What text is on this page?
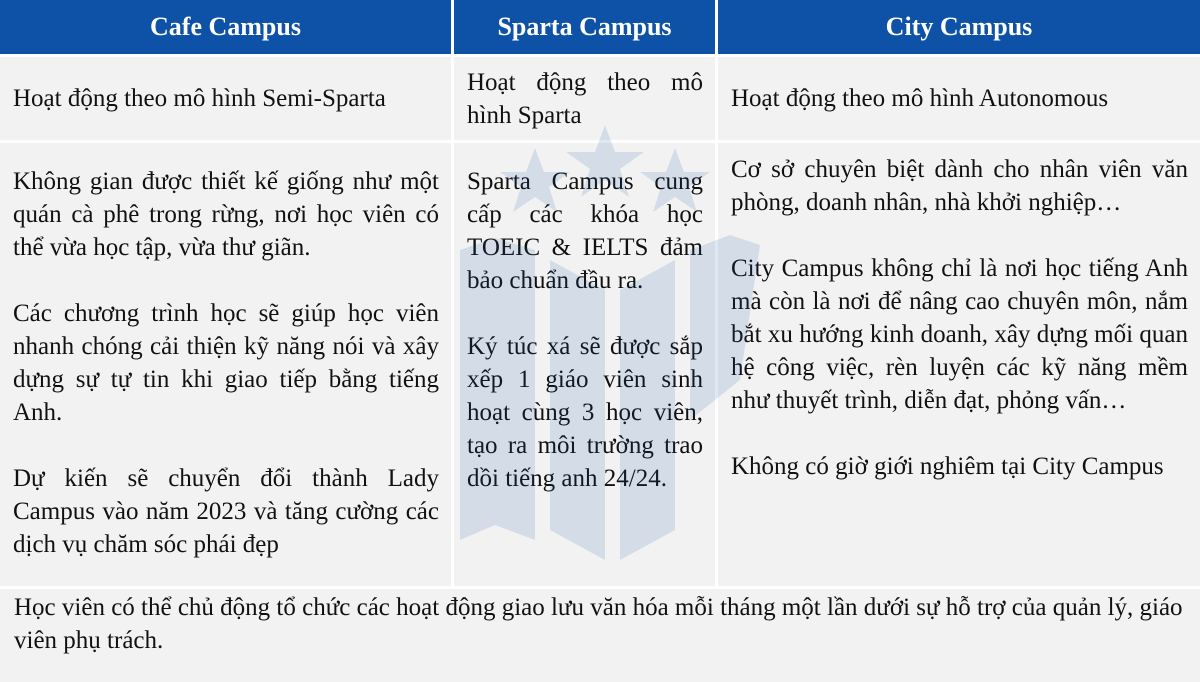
Cafe Campus	Sparta Campus	City Campus
Hoạt động theo mô hình Semi-Sparta
Hoạt động theo mô hình Sparta
Hoạt động theo mô hình Autonomous

Không gian được thiết kế giống như một quán cà phê trong rừng, nơi học viên có thể vừa học tập, vừa thư giãn.

Các chương trình học sẽ giúp học viên nhanh chóng cải thiện kỹ năng nói và xây dựng sự tự tin khi giao tiếp bằng tiếng Anh.

Dự kiến sẽ chuyển đổi thành Lady Campus vào năm 2023 và tăng cường các dịch vụ chăm sóc phái đẹp

Sparta Campus cung cấp các khóa học TOEIC & IELTS đảm bảo chuẩn đầu ra.

Ký túc xá sẽ được sắp xếp 1 giáo viên sinh hoạt cùng 3 học viên, tạo ra môi trường trao dồi tiếng anh 24/24.

Cơ sở chuyên biệt dành cho nhân viên văn phòng, doanh nhân, nhà khởi nghiệp…

City Campus không chỉ là nơi học tiếng Anh mà còn là nơi để nâng cao chuyên môn, nắm bắt xu hướng kinh doanh, xây dựng mối quan hệ công việc, rèn luyện các kỹ năng mềm như thuyết trình, diễn đạt, phỏng vấn…

Không có giờ giới nghiêm tại City Campus

Học viên có thể chủ động tổ chức các hoạt động giao lưu văn hóa mỗi tháng một lần dưới sự hỗ trợ của quản lý, giáo viên phụ trách.
